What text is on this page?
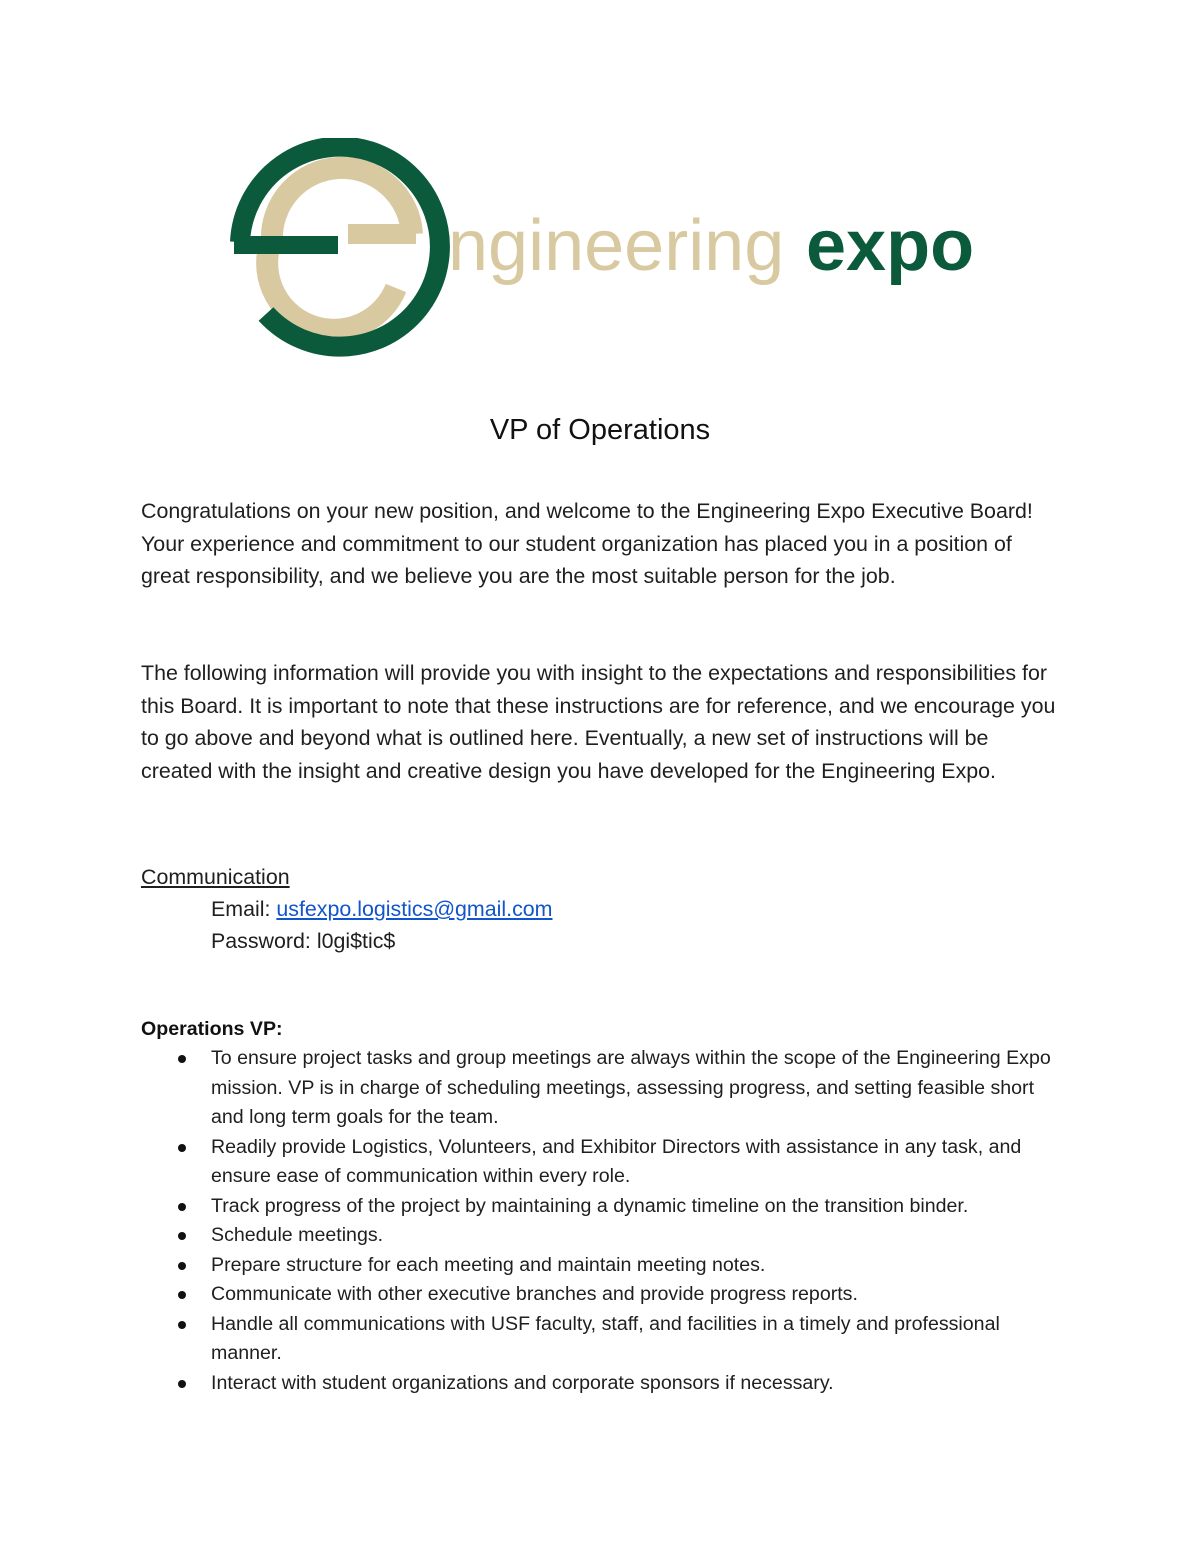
ngineering expo
VP of Operations

Congratulations on your new position, and welcome to the Engineering Expo Executive Board! Your experience and commitment to our student organization has placed you in a position of great responsibility, and we believe you are the most suitable person for the job.

The following information will provide you with insight to the expectations and responsibilities for this Board. It is important to note that these instructions are for reference, and we encourage you to go above and beyond what is outlined here. Eventually, a new set of instructions will be created with the insight and creative design you have developed for the Engineering Expo.

Communication

Email: usfexpo.logistics@gmail.com

Password: l0gi$tic$

Operations VP:

To ensure project tasks and group meetings are always within the scope of the Engineering Expo mission. VP is in charge of scheduling meetings, assessing progress, and setting feasible short and long term goals for the team.
Readily provide Logistics, Volunteers, and Exhibitor Directors with assistance in any task, and ensure ease of communication within every role.
Track progress of the project by maintaining a dynamic timeline on the transition binder.
Schedule meetings.
Prepare structure for each meeting and maintain meeting notes.
Communicate with other executive branches and provide progress reports.
Handle all communications with USF faculty, staff, and facilities in a timely and professional manner.
Interact with student organizations and corporate sponsors if necessary.
